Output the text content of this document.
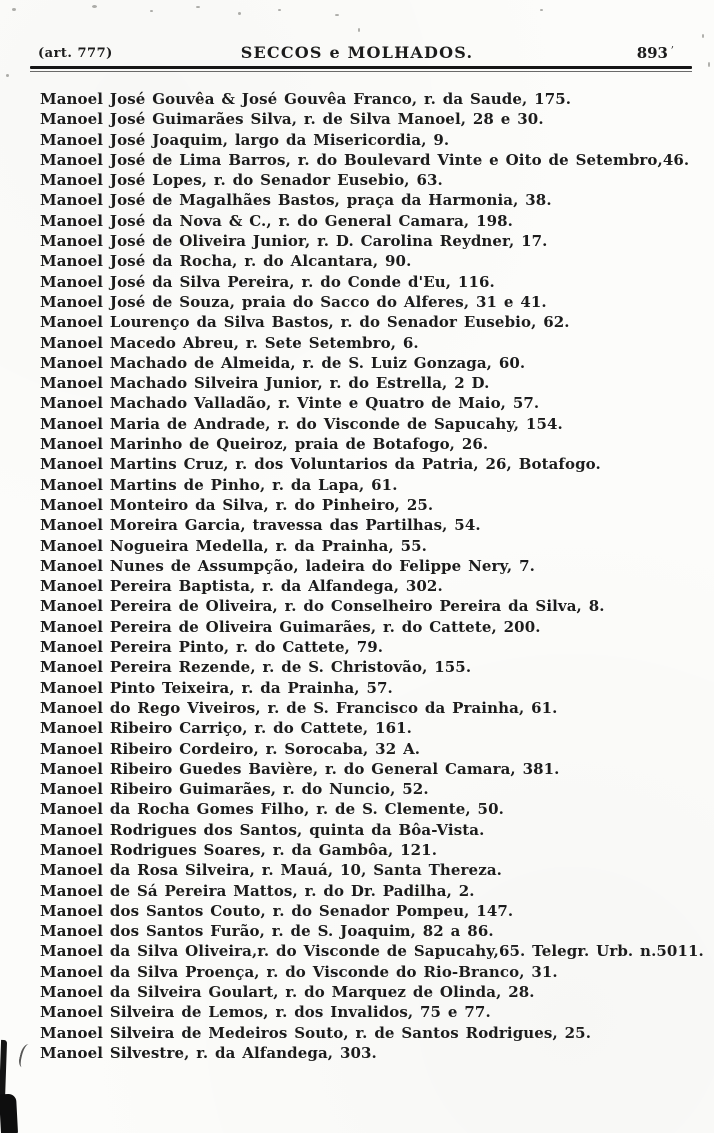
(art. 777)	SECCOS e MOLHADOS.	893
Manoel José Gouvêa & José Gouvêa Franco, r. da Saude, 175.
Manoel José Guimarães Silva, r. de Silva Manoel, 28 e 30.
Manoel José Joaquim, largo da Misericordia, 9.
Manoel José de Lima Barros, r. do Boulevard Vinte e Oito de Setembro,46.
Manoel José Lopes, r. do Senador Eusebio, 63.
Manoel José de Magalhães Bastos, praça da Harmonia, 38.
Manoel José da Nova & C., r. do General Camara, 198.
Manoel José de Oliveira Junior, r. D. Carolina Reydner, 17.
Manoel José da Rocha, r. do Alcantara, 90.
Manoel José da Silva Pereira, r. do Conde d'Eu, 116.
Manoel José de Souza, praia do Sacco do Alferes, 31 e 41.
Manoel Lourenço da Silva Bastos, r. do Senador Eusebio, 62.
Manoel Macedo Abreu, r. Sete Setembro, 6.
Manoel Machado de Almeida, r. de S. Luiz Gonzaga, 60.
Manoel Machado Silveira Junior, r. do Estrella, 2 D.
Manoel Machado Valladão, r. Vinte e Quatro de Maio, 57.
Manoel Maria de Andrade, r. do Visconde de Sapucahy, 154.
Manoel Marinho de Queiroz, praia de Botafogo, 26.
Manoel Martins Cruz, r. dos Voluntarios da Patria, 26, Botafogo.
Manoel Martins de Pinho, r. da Lapa, 61.
Manoel Monteiro da Silva, r. do Pinheiro, 25.
Manoel Moreira Garcia, travessa das Partilhas, 54.
Manoel Nogueira Medella, r. da Prainha, 55.
Manoel Nunes de Assumpção, ladeira do Felippe Nery, 7.
Manoel Pereira Baptista, r. da Alfandega, 302.
Manoel Pereira de Oliveira, r. do Conselheiro Pereira da Silva, 8.
Manoel Pereira de Oliveira Guimarães, r. do Cattete, 200.
Manoel Pereira Pinto, r. do Cattete, 79.
Manoel Pereira Rezende, r. de S. Christovão, 155.
Manoel Pinto Teixeira, r. da Prainha, 57.
Manoel do Rego Viveiros, r. de S. Francisco da Prainha, 61.
Manoel Ribeiro Carriço, r. do Cattete, 161.
Manoel Ribeiro Cordeiro, r. Sorocaba, 32 A.
Manoel Ribeiro Guedes Bavière, r. do General Camara, 381.
Manoel Ribeiro Guimarães, r. do Nuncio, 52.
Manoel da Rocha Gomes Filho, r. de S. Clemente, 50.
Manoel Rodrigues dos Santos, quinta da Bôa-Vista.
Manoel Rodrigues Soares, r. da Gambôa, 121.
Manoel da Rosa Silveira, r. Mauá, 10, Santa Thereza.
Manoel de Sá Pereira Mattos, r. do Dr. Padilha, 2.
Manoel dos Santos Couto, r. do Senador Pompeu, 147.
Manoel dos Santos Furão, r. de S. Joaquim, 82 a 86.
Manoel da Silva Oliveira,r. do Visconde de Sapucahy,65. Telegr. Urb. n.5011.
Manoel da Silva Proença, r. do Visconde do Rio-Branco, 31.
Manoel da Silveira Goulart, r. do Marquez de Olinda, 28.
Manoel Silveira de Lemos, r. dos Invalidos, 75 e 77.
Manoel Silveira de Medeiros Souto, r. de Santos Rodrigues, 25.
Manoel Silvestre, r. da Alfandega, 303.
’
